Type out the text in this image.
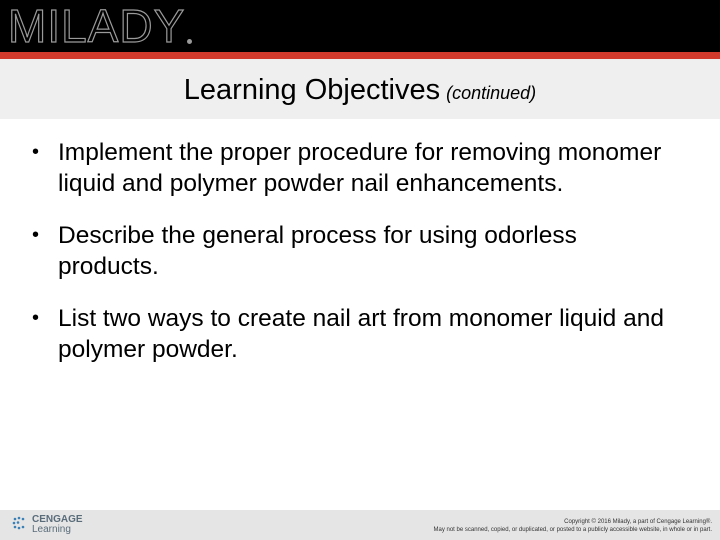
MILADY
Learning Objectives (continued)
• Implement the proper procedure for removing monomer liquid and polymer powder nail enhancements.
• Describe the general process for using odorless products.
• List two ways to create nail art from monomer liquid and polymer powder.
CENGAGE
Learning
Copyright © 2016 Milady, a part of Cengage Learning®.
May not be scanned, copied, or duplicated, or posted to a publicly accessible website, in whole or in part.
